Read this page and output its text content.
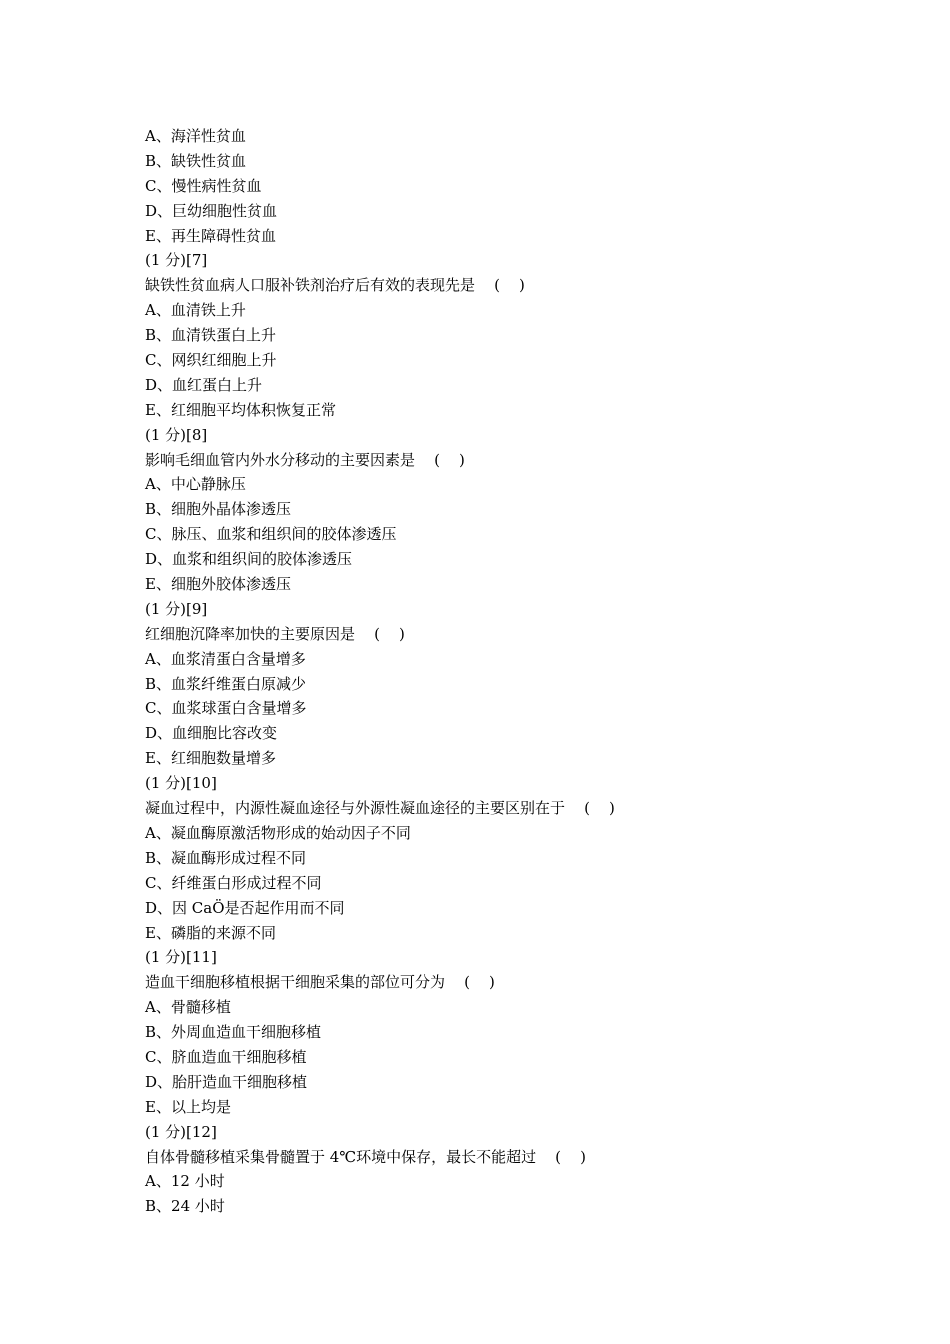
A、海洋性贫血
B、缺铁性贫血
C、慢性病性贫血
D、巨幼细胞性贫血
E、再生障碍性贫血
(1 分)[7]
缺铁性贫血病人口服补铁剂治疗后有效的表现先是    (    )
A、血清铁上升
B、血清铁蛋白上升
C、网织红细胞上升
D、血红蛋白上升
E、红细胞平均体积恢复正常
(1 分)[8]
影响毛细血管内外水分移动的主要因素是    (    )
A、中心静脉压
B、细胞外晶体渗透压
C、脉压、血浆和组织间的胶体渗透压
D、血浆和组织间的胶体渗透压
E、细胞外胶体渗透压
(1 分)[9]
红细胞沉降率加快的主要原因是    (    )
A、血浆清蛋白含量增多
B、血浆纤维蛋白原减少
C、血浆球蛋白含量增多
D、血细胞比容改变
E、红细胞数量增多
(1 分)[10]
凝血过程中，内源性凝血途径与外源性凝血途径的主要区别在于    (    )
A、凝血酶原激活物形成的始动因子不同
B、凝血酶形成过程不同
C、纤维蛋白形成过程不同
D、因 CaÖ是否起作用而不同
E、磷脂的来源不同
(1 分)[11]
造血干细胞移植根据干细胞采集的部位可分为    (    )
A、骨髓移植
B、外周血造血干细胞移植
C、脐血造血干细胞移植
D、胎肝造血干细胞移植
E、以上均是
(1 分)[12]
自体骨髓移植采集骨髓置于 4℃环境中保存，最长不能超过    (    )
A、12 小时
B、24 小时
